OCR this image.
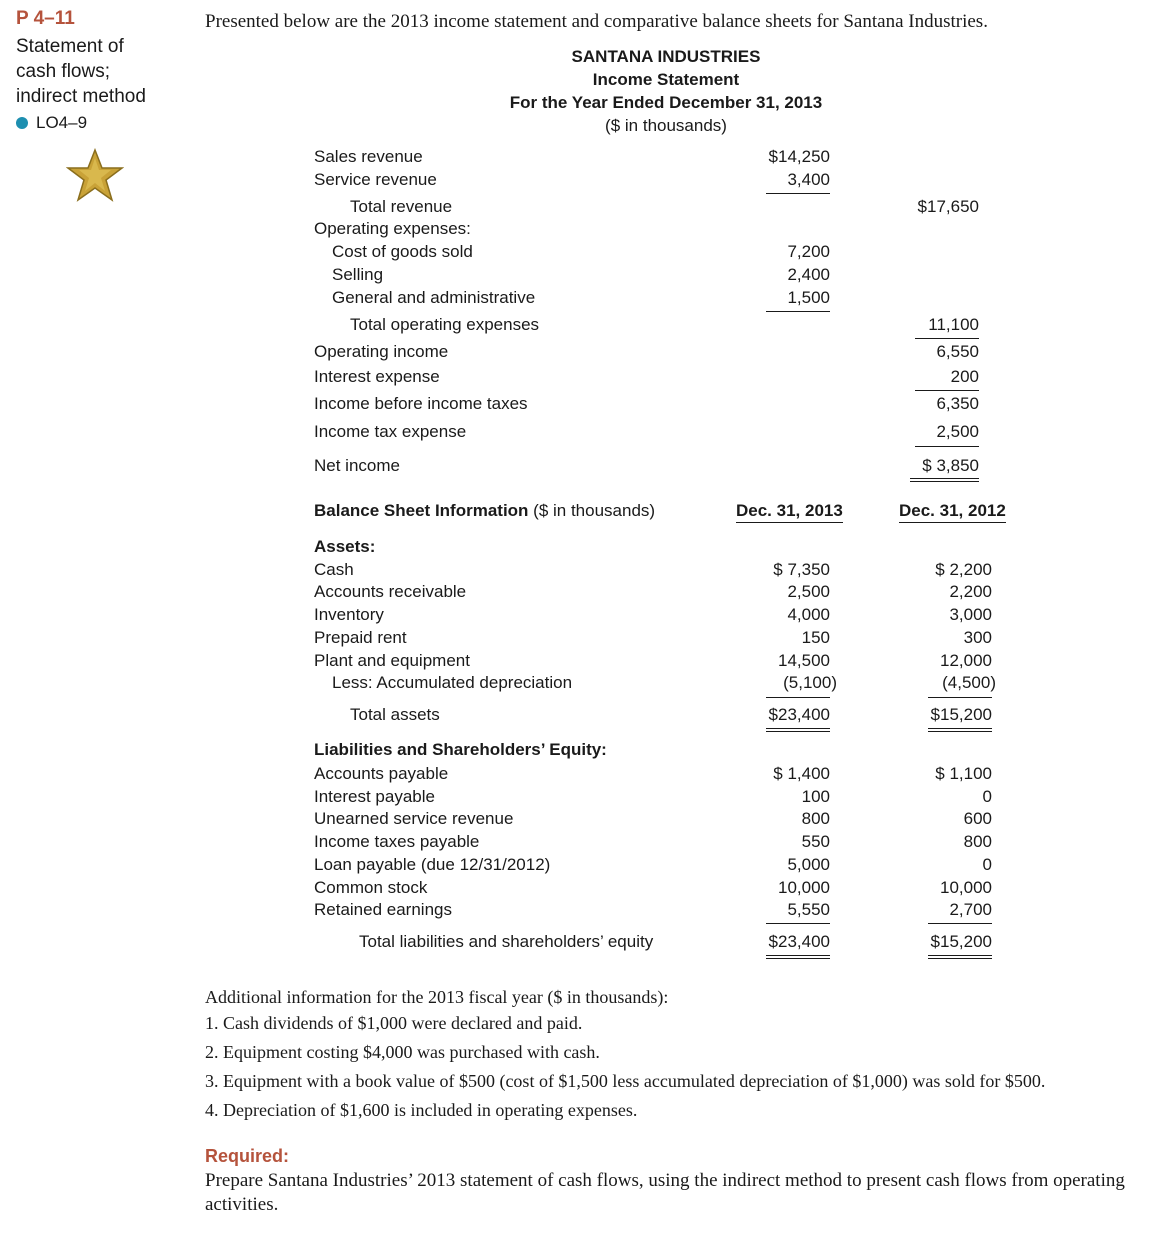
P 4–11
Statement of
cash flows;
indirect method
LO4–9
Presented below are the 2013 income statement and comparative balance sheets for Santana Industries.
SANTANA INDUSTRIES
Income Statement
For the Year Ended December 31, 2013
($ in thousands)
Sales revenue	$14,250
Service revenue	3,400
Total revenue	$17,650
Operating expenses:
Cost of goods sold	7,200
Selling	2,400
General and administrative	1,500
Total operating expenses	11,100
Operating income	6,550
Interest expense	200
Income before income taxes	6,350
Income tax expense	2,500
Net income	$ 3,850
Balance Sheet Information ($ in thousands)	Dec. 31, 2013	Dec. 31, 2012
Assets:
Cash	$ 7,350	$ 2,200
Accounts receivable	2,500	2,200
Inventory	4,000	3,000
Prepaid rent	150	300
Plant and equipment	14,500	12,000
Less: Accumulated depreciation	(5,100)	(4,500)
Total assets	$23,400	$15,200
Liabilities and Shareholders’ Equity:
Accounts payable	$ 1,400	$ 1,100
Interest payable	100	0
Unearned service revenue	800	600
Income taxes payable	550	800
Loan payable (due 12/31/2012)	5,000	0
Common stock	10,000	10,000
Retained earnings	5,550	2,700
Total liabilities and shareholders’ equity	$23,400	$15,200
Additional information for the 2013 fiscal year ($ in thousands):
1. Cash dividends of $1,000 were declared and paid.
2. Equipment costing $4,000 was purchased with cash.
3. Equipment with a book value of $500 (cost of $1,500 less accumulated depreciation of $1,000) was sold for $500.
4. Depreciation of $1,600 is included in operating expenses.
Required:
Prepare Santana Industries’ 2013 statement of cash flows, using the indirect method to present cash flows from operating activities.
